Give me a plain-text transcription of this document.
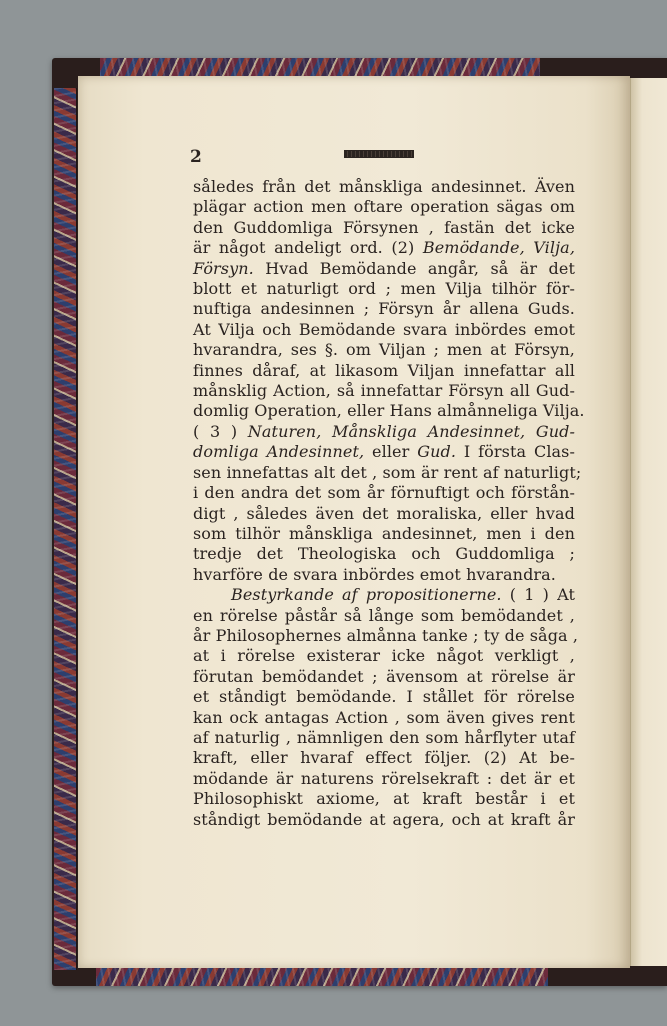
2
således från det månskliga andesinnet. Även
plägar action men oftare operation sägas om
den Guddomliga Försynen , fastän det icke
är något andeligt ord. (2) Bemödande, Vilja,
Försyn. Hvad Bemödande angår, så är det
blott et naturligt ord ; men Vilja tilhör för-
nuftiga andesinnen ; Försyn år allena Guds.
At Vilja och Bemödande svara inbördes emot
hvarandra, ses §. om Viljan ; men at Försyn,
finnes dåraf, at likasom Viljan innefattar all
månsklig Action, så innefattar Försyn all Gud-
domlig Operation, eller Hans almånneliga Vilja.
( 3 ) Naturen, Månskliga Andesinnet, Gud-
domliga Andesinnet, eller Gud. I första Clas-
sen innefattas alt det , som är rent af naturligt;
i den andra det som år förnuftigt och förstån-
digt , således även det moraliska, eller hvad
som tilhör månskliga andesinnet, men i den
tredje det Theologiska och Guddomliga ;
hvarföre de svara inbördes emot hvarandra.
Bestyrkande af propositionerne. ( 1 ) At
en rörelse påstår så långe som bemödandet ,
år Philosophernes almånna tanke ; ty de såga ,
at i rörelse existerar icke något verkligt ,
förutan bemödandet ; ävensom at rörelse är
et ståndigt bemödande. I stållet för rörelse
kan ock antagas Action , som även gives rent
af naturlig , nämnligen den som hårflyter utaf
kraft, eller hvaraf effect följer. (2) At be-
mödande är naturens rörelsekraft : det är et
Philosophiskt axiome, at kraft består i et
ståndigt bemödande at agera, och at kraft år
